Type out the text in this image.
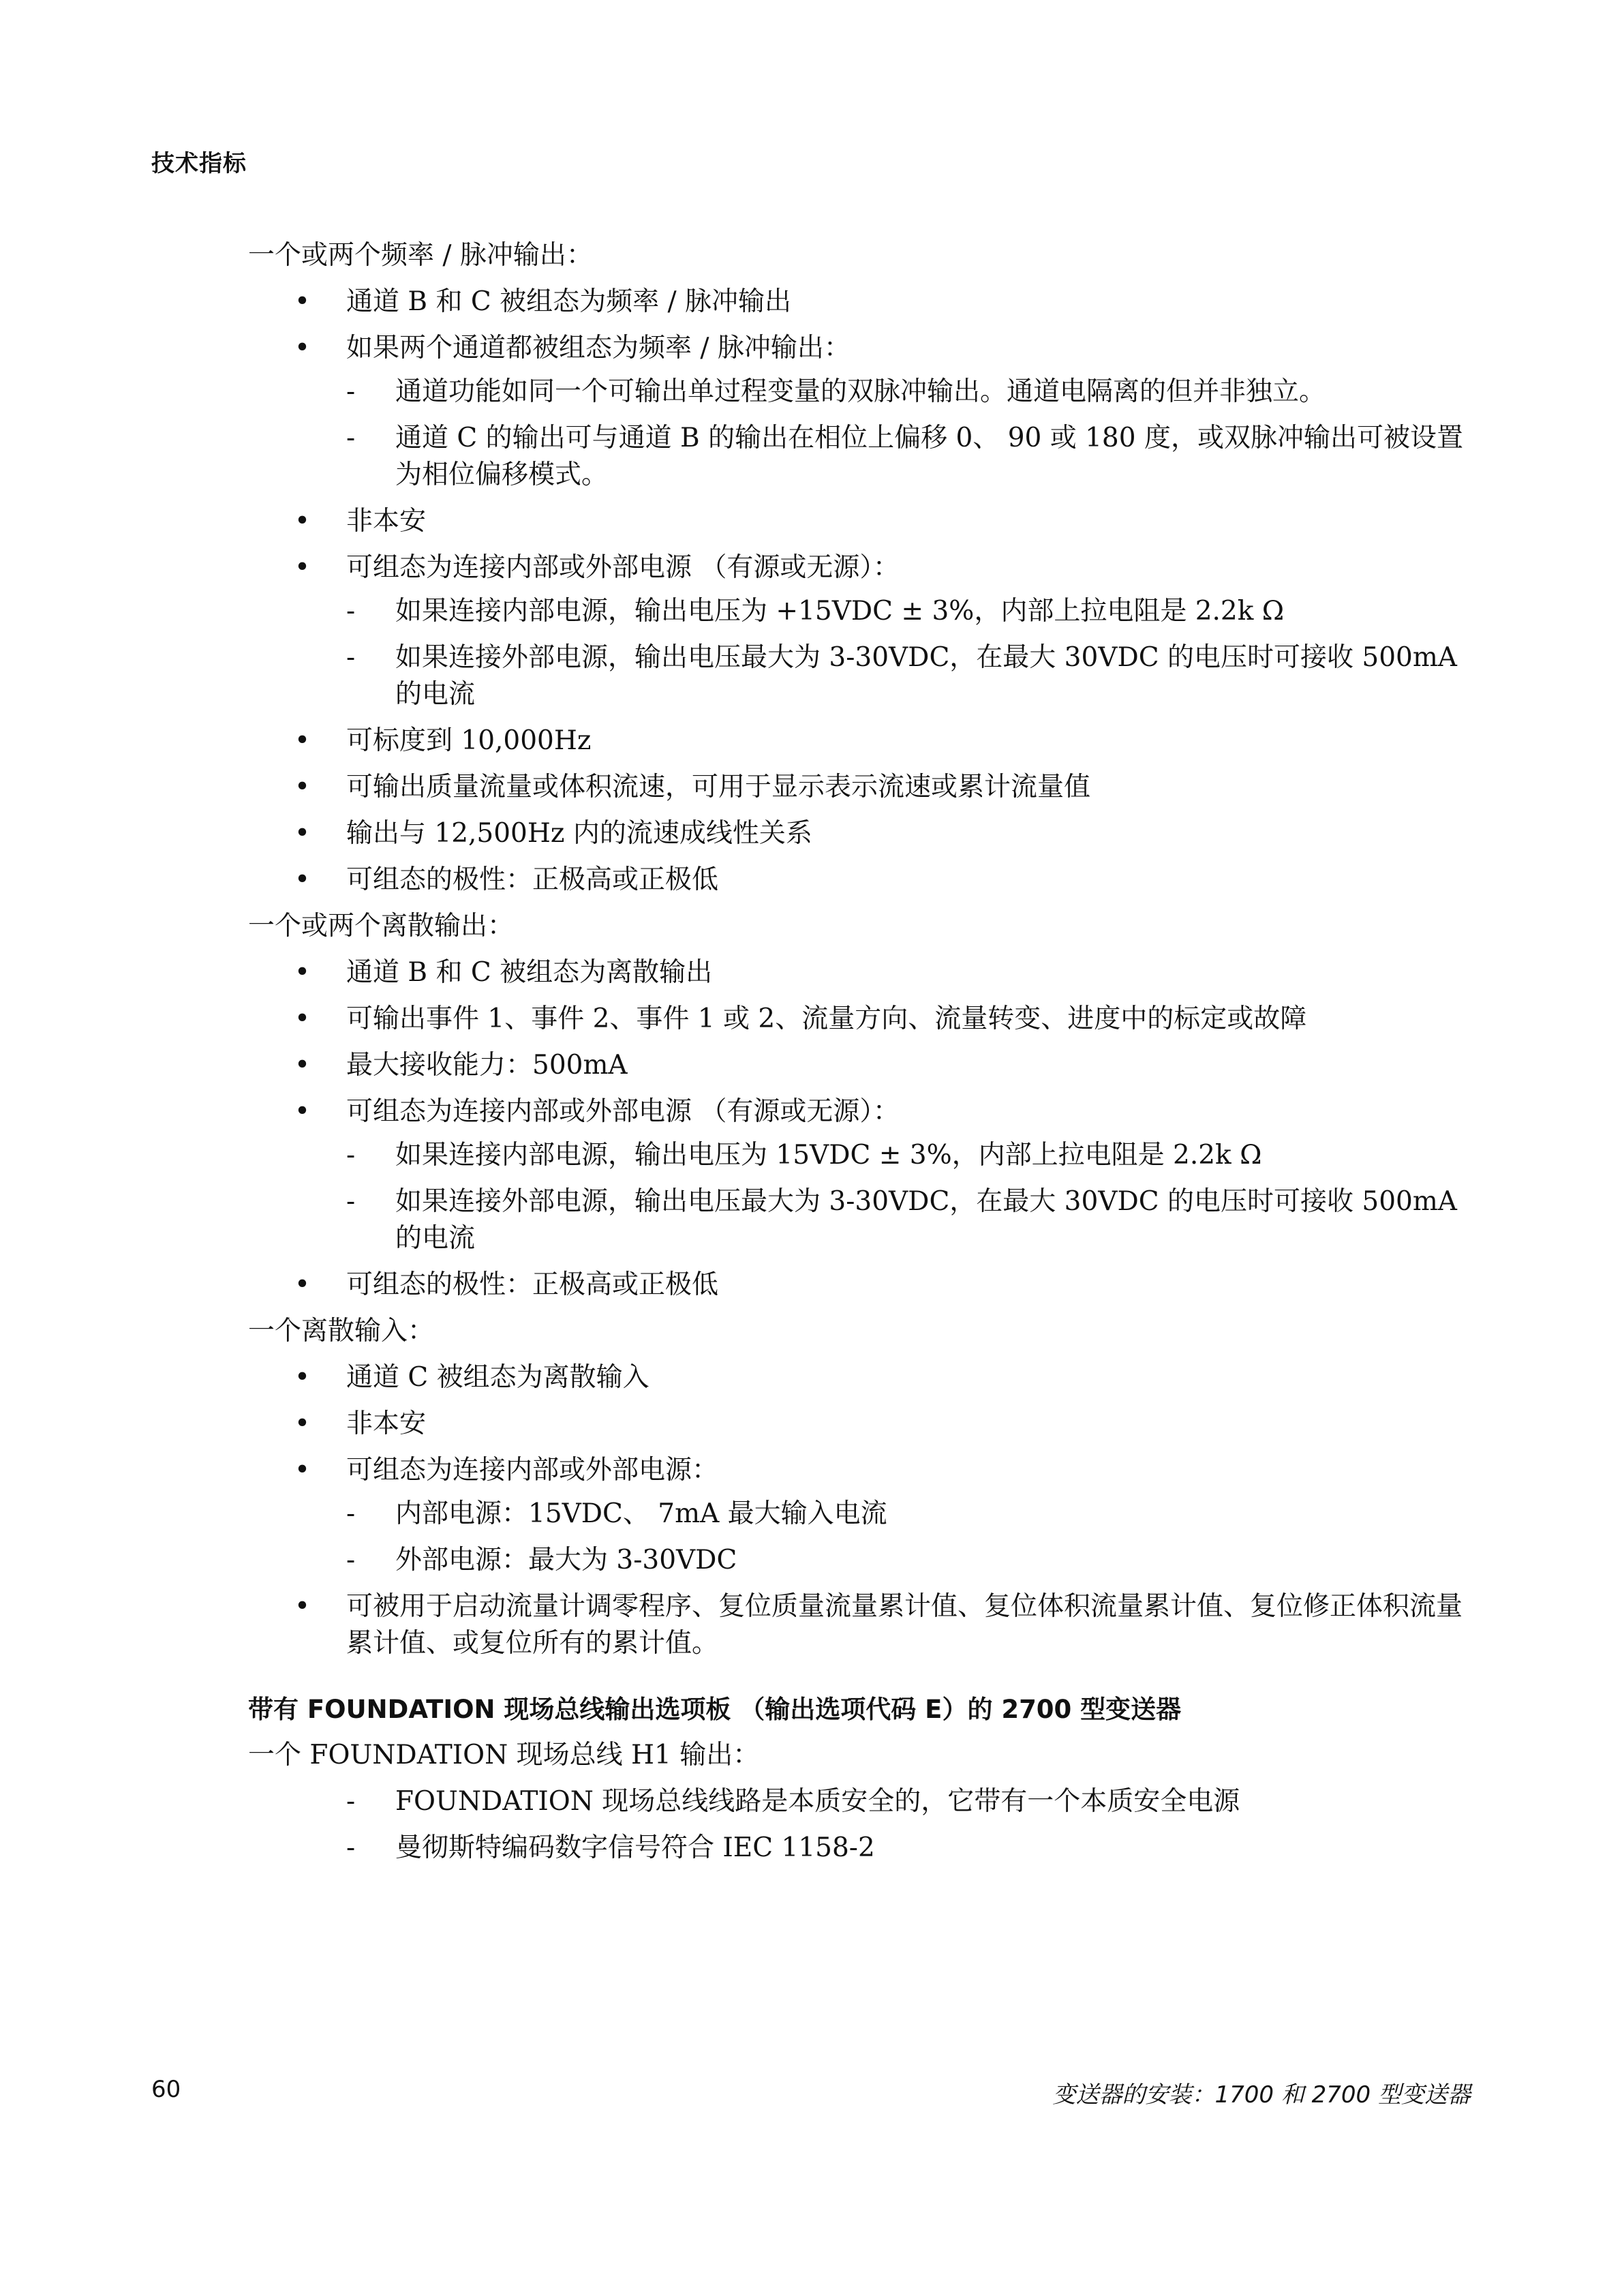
技术指标

一个或两个频率 / 脉冲输出：

• 通道 B 和 C 被组态为频率 / 脉冲输出
• 如果两个通道都被组态为频率 / 脉冲输出：
- 通道功能如同一个可输出单过程变量的双脉冲输出。通道电隔离的但并非独立。
- 通道 C 的输出可与通道 B 的输出在相位上偏移 0、 90 或 180 度，或双脉冲输出可被设置为相位偏移模式。
• 非本安
• 可组态为连接内部或外部电源 （有源或无源）：
- 如果连接内部电源，输出电压为 +15VDC ± 3%，内部上拉电阻是 2.2k Ω
- 如果连接外部电源，输出电压最大为 3-30VDC，在最大 30VDC 的电压时可接收 500mA 的电流
• 可标度到 10,000Hz
• 可输出质量流量或体积流速，可用于显示表示流速或累计流量值
• 输出与 12,500Hz 内的流速成线性关系
• 可组态的极性：正极高或正极低

一个或两个离散输出：

• 通道 B 和 C 被组态为离散输出
• 可输出事件 1、事件 2、事件 1 或 2、流量方向、流量转变、进度中的标定或故障
• 最大接收能力：500mA
• 可组态为连接内部或外部电源 （有源或无源）：
- 如果连接内部电源，输出电压为 15VDC ± 3%，内部上拉电阻是 2.2k Ω
- 如果连接外部电源，输出电压最大为 3-30VDC，在最大 30VDC 的电压时可接收 500mA 的电流
• 可组态的极性：正极高或正极低

一个离散输入：

• 通道 C 被组态为离散输入
• 非本安
• 可组态为连接内部或外部电源：
- 内部电源：15VDC、 7mA 最大输入电流
- 外部电源：最大为 3-30VDC
• 可被用于启动流量计调零程序、复位质量流量累计值、复位体积流量累计值、复位修正体积流量累计值、或复位所有的累计值。
带有 FOUNDATION 现场总线输出选项板 （输出选项代码 E）的 2700 型变送器

一个 FOUNDATION 现场总线 H1 输出：

- FOUNDATION 现场总线线路是本质安全的，它带有一个本质安全电源
- 曼彻斯特编码数字信号符合 IEC 1158-2
60	变送器的安装：1700 和 2700 型变送器
